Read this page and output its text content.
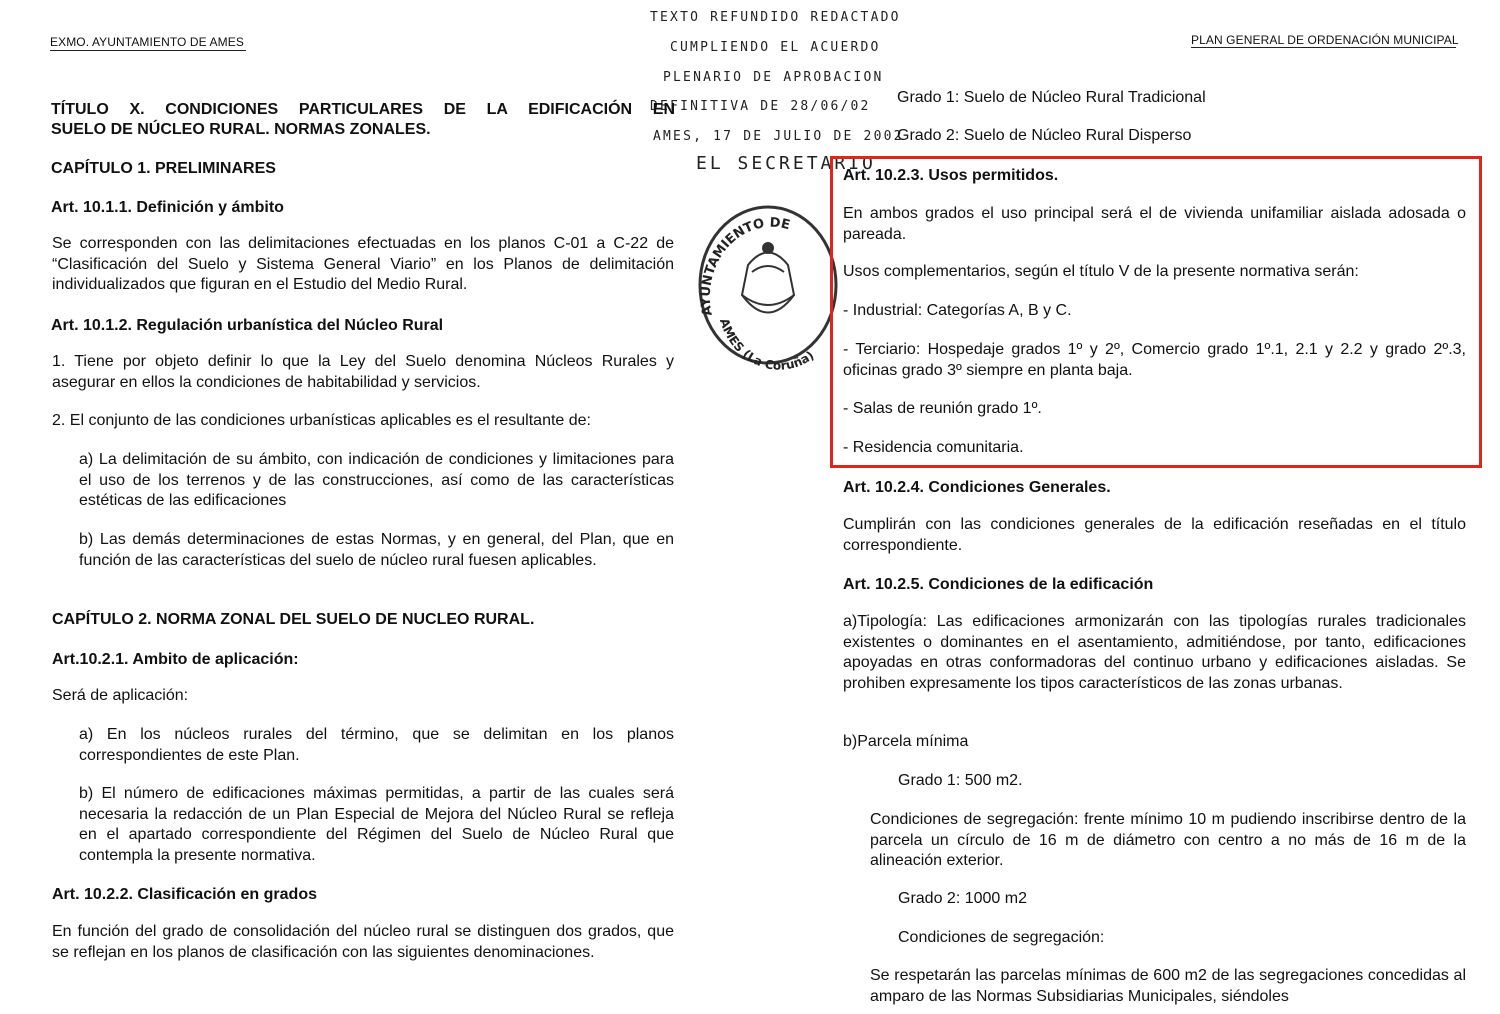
EXMO. AYUNTAMIENTO DE AMES	PLAN GENERAL DE ORDENACIÓN MUNICIPAL
TEXTO REFUNDIDO REDACTADO
CUMPLIENDO EL ACUERDO
PLENARIO DE APROBACION
DEFINITIVA DE 28/06/02
AMES, 17 DE JULIO DE 2002
EL SECRETARIO
AYUNTAMIENTO DE
AMES (La Coruña)
TÍTULO X. CONDICIONES PARTICULARES DE LA EDIFICACIÓN EN
SUELO DE NÚCLEO RURAL. NORMAS ZONALES.
CAPÍTULO 1. PRELIMINARES
Art. 10.1.1. Definición y ámbito
Se corresponden con las delimitaciones efectuadas en los planos C-01 a C-22 de “Clasificación del Suelo y Sistema General Viario” en los Planos de delimitación individualizados que figuran en el Estudio del Medio Rural.
Art. 10.1.2. Regulación urbanística del Núcleo Rural
1. Tiene por objeto definir lo que la Ley del Suelo denomina Núcleos Rurales y asegurar en ellos la condiciones de habitabilidad y servicios.
2. El conjunto de las condiciones urbanísticas aplicables es el resultante de:
a) La delimitación de su ámbito, con indicación de condiciones y limitaciones para el uso de los terrenos y de las construcciones, así como de las características estéticas de las edificaciones
b) Las demás determinaciones de estas Normas, y en general, del Plan, que en función de las características del suelo de núcleo rural fuesen aplicables.
CAPÍTULO 2. NORMA ZONAL DEL SUELO DE NUCLEO RURAL.
Art.10.2.1. Ambito de aplicación:
Será de aplicación:
a) En los núcleos rurales del término, que se delimitan en los planos correspondientes de este Plan.
b) El número de edificaciones máximas permitidas, a partir de las cuales será necesaria la redacción de un Plan Especial de Mejora del Núcleo Rural se refleja en el apartado correspondiente del Régimen del Suelo de Núcleo Rural que contempla la presente normativa.
Art. 10.2.2. Clasificación en grados
En función del grado de consolidación del núcleo rural se distinguen dos grados, que se reflejan en los planos de clasificación con las siguientes denominaciones.
Grado 1: Suelo de Núcleo Rural Tradicional
Grado 2: Suelo de Núcleo Rural Disperso
Art. 10.2.3. Usos permitidos.
En ambos grados el uso principal será el de vivienda unifamiliar aislada adosada o pareada.
Usos complementarios, según el título V de la presente normativa serán:
- Industrial: Categorías A, B y C.
- Terciario: Hospedaje grados 1º y 2º, Comercio grado 1º.1, 2.1 y 2.2 y grado 2º.3, oficinas grado 3º siempre en planta baja.
- Salas de reunión grado 1º.
- Residencia comunitaria.
Art. 10.2.4. Condiciones Generales.
Cumplirán con las condiciones generales de la edificación reseñadas en el título correspondiente.
Art. 10.2.5. Condiciones de la edificación
a)Tipología: Las edificaciones armonizarán con las tipologías rurales tradicionales existentes o dominantes en el asentamiento, admitiéndose, por tanto, edificaciones apoyadas en otras conformadoras del continuo urbano y edificaciones aisladas. Se prohiben expresamente los tipos característicos de las zonas urbanas.
b)Parcela mínima
Grado 1: 500 m2.
Condiciones de segregación: frente mínimo 10 m pudiendo inscribirse dentro de la parcela un círculo de 16 m de diámetro con centro a no más de 16 m de la alineación exterior.
Grado 2: 1000 m2
Condiciones de segregación:
Se respetarán las parcelas mínimas de 600 m2 de las segregaciones concedidas al amparo de las Normas Subsidiarias Municipales, siéndoles
